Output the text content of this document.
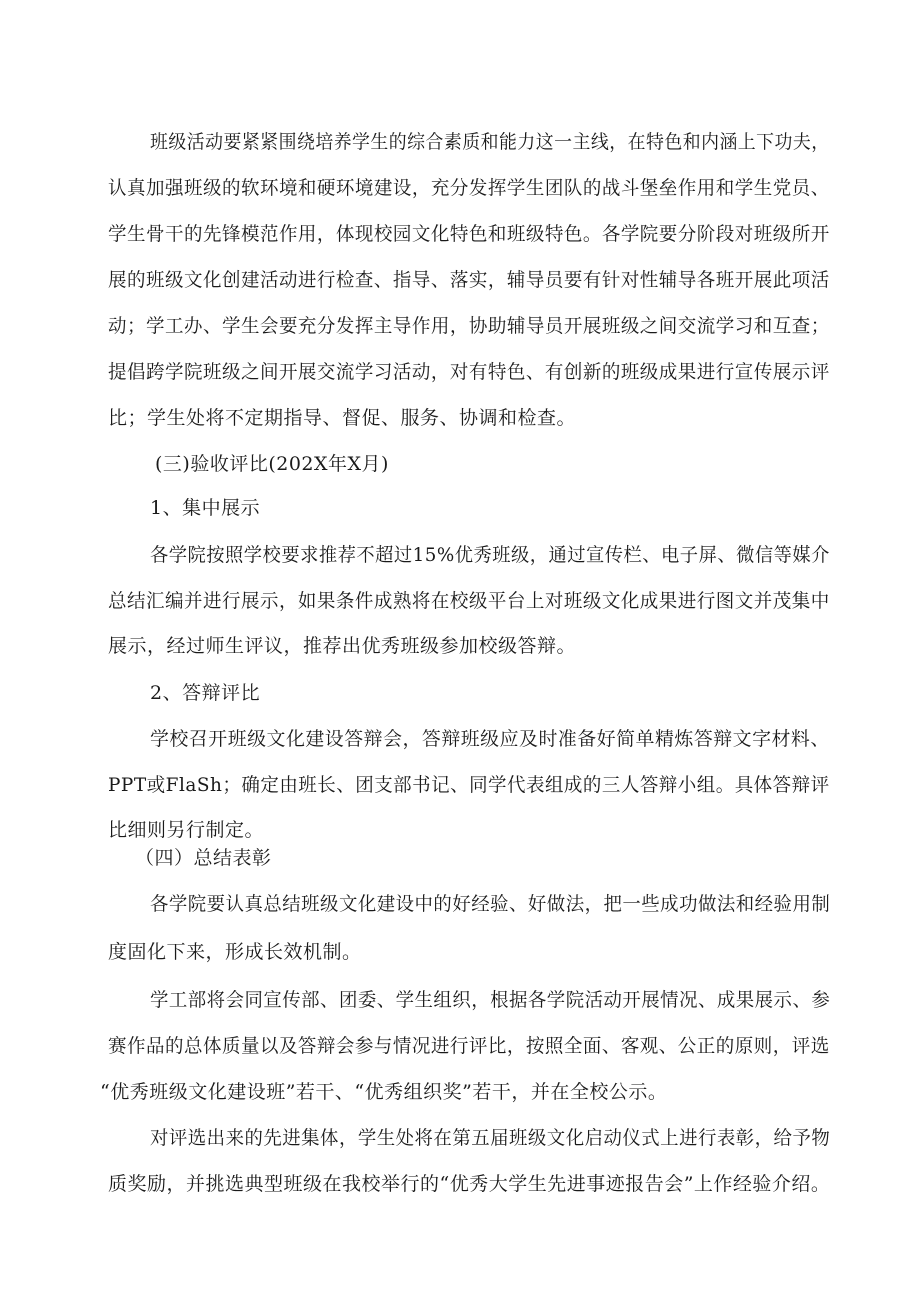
班级活动要紧紧围绕培养学生的综合素质和能力这一主线，在特色和内涵上下功夫，
认真加强班级的软环境和硬环境建设，充分发挥学生团队的战斗堡垒作用和学生党员、
学生骨干的先锋模范作用，体现校园文化特色和班级特色。各学院要分阶段对班级所开
展的班级文化创建活动进行检查、指导、落实，辅导员要有针对性辅导各班开展此项活
动；学工办、学生会要充分发挥主导作用，协助辅导员开展班级之间交流学习和互查；
提倡跨学院班级之间开展交流学习活动，对有特色、有创新的班级成果进行宣传展示评
比；学生处将不定期指导、督促、服务、协调和检查。
(三)验收评比(202X年X月)
1、集中展示
各学院按照学校要求推荐不超过15%优秀班级，通过宣传栏、电子屏、微信等媒介
总结汇编并进行展示，如果条件成熟将在校级平台上对班级文化成果进行图文并茂集中
展示，经过师生评议，推荐出优秀班级参加校级答辩。
2、答辩评比
学校召开班级文化建设答辩会，答辩班级应及时准备好简单精炼答辩文字材料、
PPT或FlaSh；确定由班长、团支部书记、同学代表组成的三人答辩小组。具体答辩评
比细则另行制定。
（四）总结表彰
各学院要认真总结班级文化建设中的好经验、好做法，把一些成功做法和经验用制
度固化下来，形成长效机制。
学工部将会同宣传部、团委、学生组织，根据各学院活动开展情况、成果展示、参
赛作品的总体质量以及答辩会参与情况进行评比，按照全面、客观、公正的原则，评选
“优秀班级文化建设班”若干、“优秀组织奖”若干，并在全校公示。
对评选出来的先进集体，学生处将在第五届班级文化启动仪式上进行表彰，给予物
质奖励，并挑选典型班级在我校举行的“优秀大学生先进事迹报告会”上作经验介绍。
